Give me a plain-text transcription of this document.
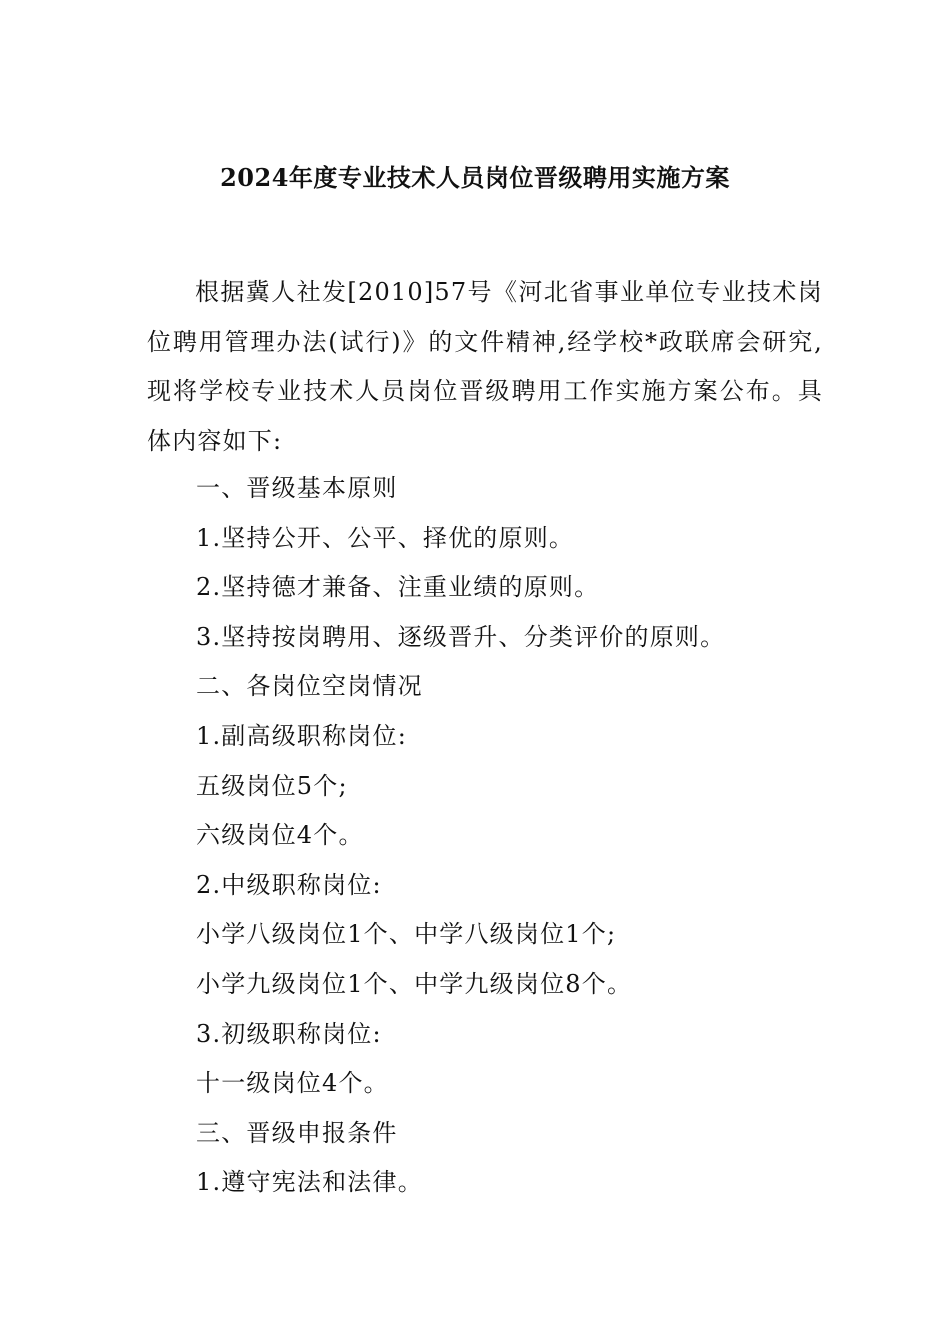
2024年度专业技术人员岗位晋级聘用实施方案

根据冀人社发[2010]57号《河北省事业单位专业技术岗位聘用管理办法(试行)》的文件精神,经学校*政联席会研究,现将学校专业技术人员岗位晋级聘用工作实施方案公布。具体内容如下:

一、晋级基本原则
1.坚持公开、公平、择优的原则。
2.坚持德才兼备、注重业绩的原则。
3.坚持按岗聘用、逐级晋升、分类评价的原则。
二、各岗位空岗情况
1.副高级职称岗位:
五级岗位5个;
六级岗位4个。
2.中级职称岗位:
小学八级岗位1个、中学八级岗位1个;
小学九级岗位1个、中学九级岗位8个。
3.初级职称岗位:
十一级岗位4个。
三、晋级申报条件
1.遵守宪法和法律。
